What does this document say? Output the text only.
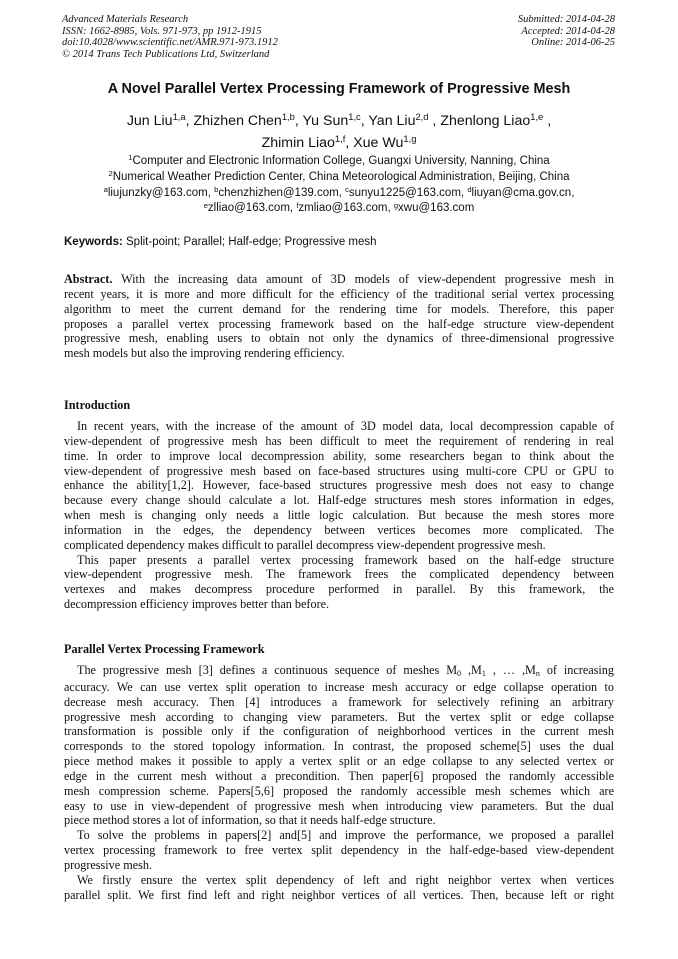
Advanced Materials Research
ISSN: 1662-8985, Vols. 971-973, pp 1912-1915
doi:10.4028/www.scientific.net/AMR.971-973.1912
© 2014 Trans Tech Publications Ltd, Switzerland
Submitted: 2014-04-28
Accepted: 2014-04-28
Online: 2014-06-25
A Novel Parallel Vertex Processing Framework of Progressive Mesh
Jun Liu$^{1,a}$, Zhizhen Chen$^{1,b}$, Yu Sun$^{1,c}$, Yan Liu$^{2,d}$ , Zhenlong Liao$^{1,e}$ ,
Zhimin Liao$^{1,f}$, Xue Wu$^{1,g}$
$^1$Computer and Electronic Information College, Guangxi University, Nanning, China
$^2$Numerical Weather Prediction Center, China Meteorological Administration, Beijing, China
$^a$liujunzky@163.com, $^b$chenzhizhen@139.com, $^c$sunyu1225@163.com, $^d$liuyan@cma.gov.cn,
$^e$zlliao@163.com, $^f$zmliao@163.com, $^g$xwu@163.com
Keywords: Split-point; Parallel; Half-edge; Progressive mesh
Abstract. With the increasing data amount of 3D models of view-dependent progressive mesh in
recent years, it is more and more difficult for the efficiency of the traditional serial vertex processing
algorithm to meet the current demand for the rendering time for models. Therefore, this paper
proposes a parallel vertex processing framework based on the half-edge structure view-dependent
progressive mesh, enabling users to obtain not only the dynamics of three-dimensional progressive
mesh models but also the improving rendering efficiency.
Introduction
In recent years, with the increase of the amount of 3D model data, local decompression capable of
view-dependent of progressive mesh has been difficult to meet the requirement of rendering in real
time. In order to improve local decompression ability, some researchers began to think about the
view-dependent of progressive mesh based on face-based structures using multi-core CPU or GPU to
enhance the ability[1,2]. However, face-based structures progressive mesh does not easy to change
because every change should calculate a lot. Half-edge structures mesh stores information in edges,
when mesh is changing only needs a little logic calculation. But because the mesh stores more
information in the edges, the dependency between vertices becomes more complicated. The
complicated dependency makes difficult to parallel decompress view-dependent progressive mesh.
This paper presents a parallel vertex processing framework based on the half-edge structure
view-dependent progressive mesh. The framework frees the complicated dependency between
vertexes and makes decompress procedure performed in parallel. By this framework, the
decompression efficiency improves better than before.
Parallel Vertex Processing Framework
The progressive mesh [3] defines a continuous sequence of meshes $M_0$ $,M_1$ , … $,M_n$ of increasing
accuracy. We can use vertex split operation to increase mesh accuracy or edge collapse operation to
decrease mesh accuracy. Then [4] introduces a framework for selectively refining an arbitrary
progressive mesh according to changing view parameters. But the vertex split or edge collapse
transformation is possible only if the configuration of neighborhood vertices in the current mesh
corresponds to the stored topology information. In contrast, the proposed scheme[5] uses the dual
piece method makes it possible to apply a vertex split or an edge collapse to any selected vertex or
edge in the current mesh without a precondition. Then paper[6] proposed the randomly accessible
mesh compression scheme. Papers[5,6] proposed the randomly accessible mesh schemes which are
easy to use in view-dependent of progressive mesh when introducing view parameters. But the dual
piece method stores a lot of information, so that it needs half-edge structure.
To solve the problems in papers[2] and[5] and improve the performance, we proposed a parallel
vertex processing framework to free vertex split dependency in the half-edge-based view-dependent
progressive mesh.
We firstly ensure the vertex split dependency of left and right neighbor vertex when vertices
parallel split. We first find left and right neighbor vertices of all vertices. Then, because left or right
